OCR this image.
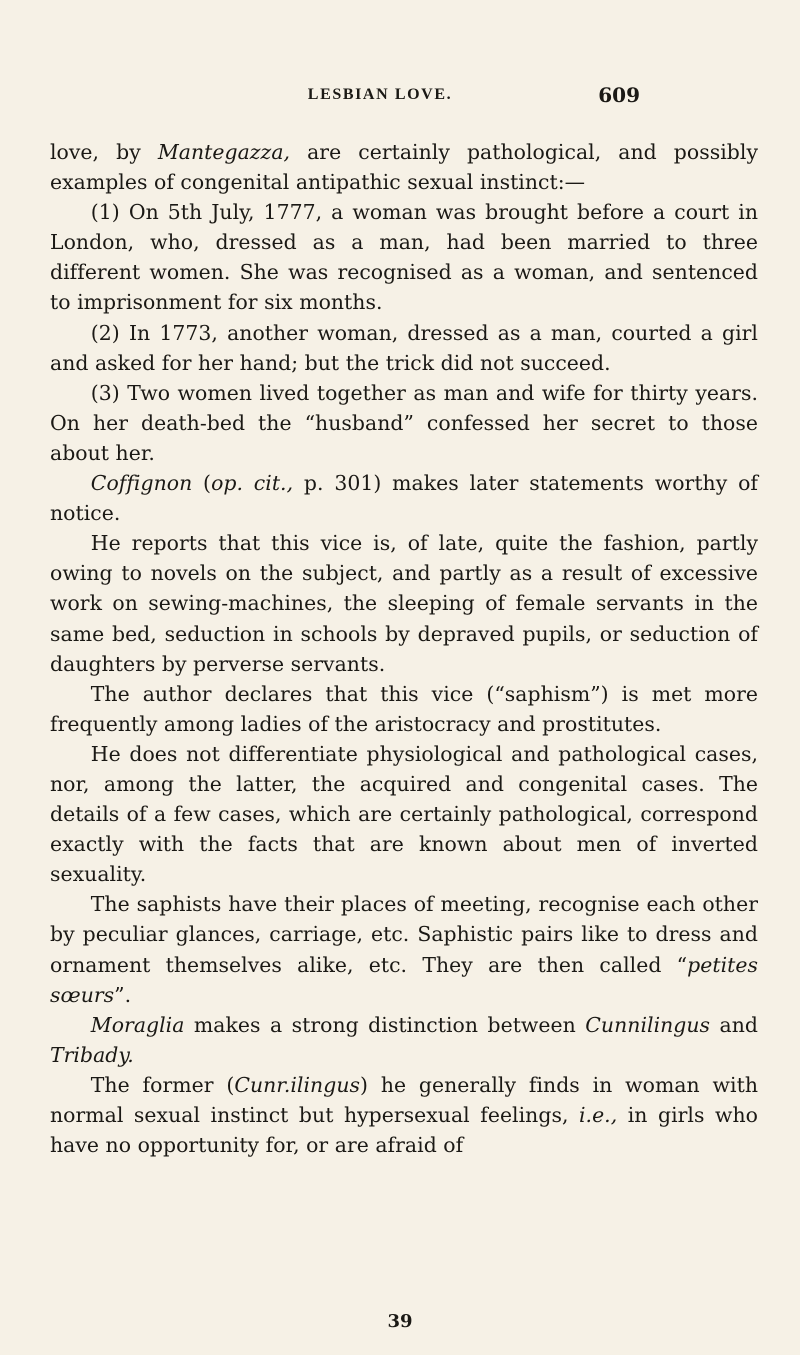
LESBIAN LOVE.	609

love, by Mantegazza, are certainly pathological, and possibly examples of congenital antipathic sexual instinct:—

(1) On 5th July, 1777, a woman was brought before a court in London, who, dressed as a man, had been married to three different women. She was recognised as a woman, and sentenced to imprisonment for six months.

(2) In 1773, another woman, dressed as a man, courted a girl and asked for her hand; but the trick did not succeed.

(3) Two women lived together as man and wife for thirty years. On her death-bed the “husband” confessed her secret to those about her.

Coffignon (op. cit., p. 301) makes later statements worthy of notice.

He reports that this vice is, of late, quite the fashion, partly owing to novels on the subject, and partly as a result of excessive work on sewing-machines, the sleeping of female servants in the same bed, seduction in schools by depraved pupils, or seduction of daughters by perverse servants.

The author declares that this vice (“saphism”) is met more frequently among ladies of the aristocracy and prostitutes.

He does not differentiate physiological and pathological cases, nor, among the latter, the acquired and congenital cases. The details of a few cases, which are certainly pathological, correspond exactly with the facts that are known about men of inverted sexuality.

The saphists have their places of meeting, recognise each other by peculiar glances, carriage, etc. Saphistic pairs like to dress and ornament themselves alike, etc. They are then called “petites sœurs”.

Moraglia makes a strong distinction between Cunnilingus and Tribady.

The former (Cunr.ilingus) he generally finds in woman with normal sexual instinct but hypersexual feelings, i.e., in girls who have no opportunity for, or are afraid of

39
